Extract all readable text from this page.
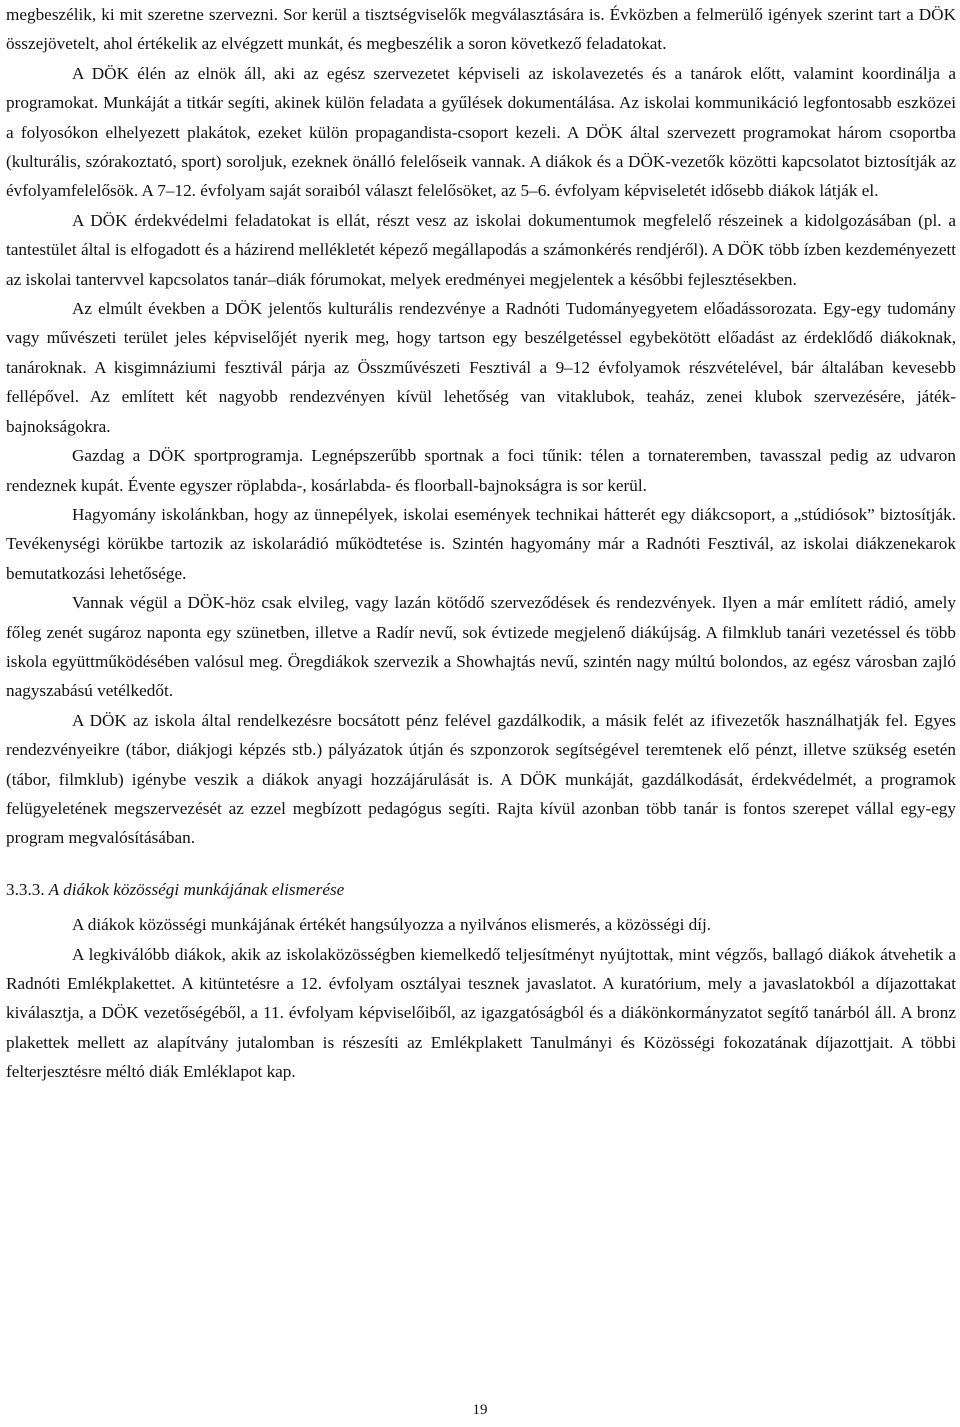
megbeszélik, ki mit szeretne szervezni. Sor kerül a tisztségviselők megválasztására is. Évközben a felmerülő igények szerint tart a DÖK összejövetelt, ahol értékelik az elvégzett munkát, és megbeszélik a soron következő feladatokat.

A DÖK élén az elnök áll, aki az egész szervezetet képviseli az iskolavezetés és a tanárok előtt, valamint koordinálja a programokat. Munkáját a titkár segíti, akinek külön feladata a gyűlések dokumentálása. Az iskolai kommunikáció legfontosabb eszközei a folyosókon elhelyezett plakátok, ezeket külön propagandista-csoport kezeli. A DÖK által szervezett programokat három csoportba (kulturális, szórakoztató, sport) soroljuk, ezeknek önálló felelőseik vannak. A diákok és a DÖK-vezetők közötti kapcsolatot biztosítják az évfolyamfelelősök. A 7–12. évfolyam saját soraiból választ felelősöket, az 5–6. évfolyam képviseletét idősebb diákok látják el.

A DÖK érdekvédelmi feladatokat is ellát, részt vesz az iskolai dokumentumok megfelelő részeinek a kidolgozásában (pl. a tantestület által is elfogadott és a házirend mellékletét képező megállapodás a számonkérés rendjéről). A DÖK több ízben kezdeményezett az iskolai tantervvel kapcsolatos tanár–diák fórumokat, melyek eredményei megjelentek a későbbi fejlesztésekben.

Az elmúlt években a DÖK jelentős kulturális rendezvénye a Radnóti Tudományegyetem előadássorozata. Egy-egy tudomány vagy művészeti terület jeles képviselőjét nyerik meg, hogy tartson egy beszélgetéssel egybekötött előadást az érdeklődő diákoknak, tanároknak. A kisgimnáziumi fesztivál párja az Összművészeti Fesztivál a 9–12 évfolyamok részvételével, bár általában kevesebb fellépővel. Az említett két nagyobb rendezvényen kívül lehetőség van vitaklubok, teaház, zenei klubok szervezésére, játék-bajnokságokra.

Gazdag a DÖK sportprogramja. Legnépszerűbb sportnak a foci tűnik: télen a tornateremben, tavasszal pedig az udvaron rendeznek kupát. Évente egyszer röplabda-, kosárlabda- és floorball-bajnokságra is sor kerül.

Hagyomány iskolánkban, hogy az ünnepélyek, iskolai események technikai hátterét egy diákcsoport, a „stúdiósok” biztosítják. Tevékenységi körükbe tartozik az iskolarádió működtetése is. Szintén hagyomány már a Radnóti Fesztivál, az iskolai diákzenekarok bemutatkozási lehetősége.

Vannak végül a DÖK-höz csak elvileg, vagy lazán kötődő szerveződések és rendezvények. Ilyen a már említett rádió, amely főleg zenét sugároz naponta egy szünetben, illetve a Radír nevű, sok évtizede megjelenő diákújság. A filmklub tanári vezetéssel és több iskola együttműködésében valósul meg. Öregdiákok szervezik a Showhajtás nevű, szintén nagy múltú bolondos, az egész városban zajló nagyszabású vetélkedőt.

A DÖK az iskola által rendelkezésre bocsátott pénz felével gazdálkodik, a másik felét az ifivezetők használhatják fel. Egyes rendezvényeikre (tábor, diákjogi képzés stb.) pályázatok útján és szponzorok segítségével teremtenek elő pénzt, illetve szükség esetén (tábor, filmklub) igénybe veszik a diákok anyagi hozzájárulását is. A DÖK munkáját, gazdálkodását, érdekvédelmét, a programok felügyeletének megszervezését az ezzel megbízott pedagógus segíti. Rajta kívül azonban több tanár is fontos szerepet vállal egy-egy program megvalósításában.

3.3.3. A diákok közösségi munkájának elismerése

A diákok közösségi munkájának értékét hangsúlyozza a nyilvános elismerés, a közösségi díj.

A legkiválóbb diákok, akik az iskolaközösségben kiemelkedő teljesítményt nyújtottak, mint végzős, ballagó diákok átvehetik a Radnóti Emlékplakettet. A kitüntetésre a 12. évfolyam osztályai tesznek javaslatot. A kuratórium, mely a javaslatokból a díjazottakat kiválasztja, a DÖK vezetőségéből, a 11. évfolyam képviselőiből, az igazgatóságból és a diákönkormányzatot segítő tanárból áll. A bronz plakettek mellett az alapítvány jutalomban is részesíti az Emlékplakett Tanulmányi és Közösségi fokozatának díjazottjait. A többi felterjesztésre méltó diák Emléklapot kap.

19
